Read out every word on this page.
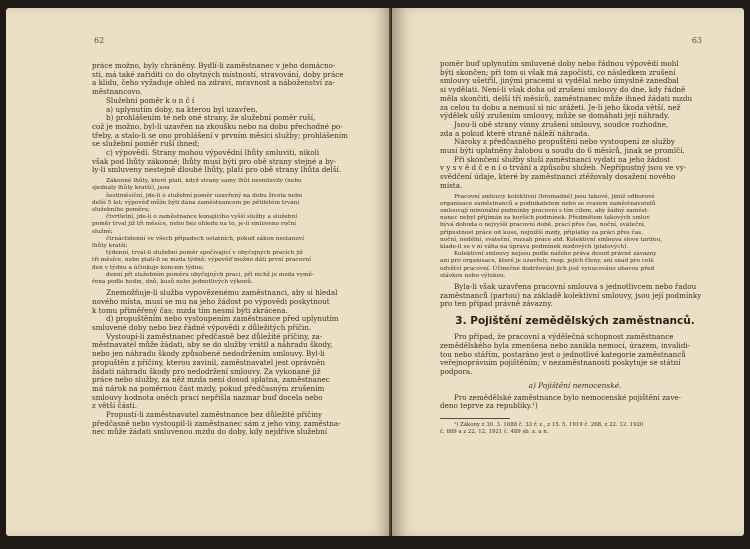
62

práce možno, byly chráněny. Bydlí-li zaměstnanec v jeho domácno-

sti, má také zařiditi co do obytných místností, stravování, doby práce

a klidu, čeho vyžaduje ohled na zdraví, mravnost a náboženství za-

městnancovo.

Služební poměr k o n č í

a) uplynutím doby, na kterou byl uzavřen,

b) prohlášením té neb oné strany, že služební poměr ruší,

což je možno, byl-li uzavřen na zkoušku nebo na dobu přechodné po-

třeby, a stalo-li se ono prohlášení v prvním měsíci služby; prohlášením

se služební poměr ruší ihned;

c) výpovědí. Strany mohou výpovědní lhůty smluviti, nikoli

však pod lhůty zákonné; lhůty musí býti pro obě strany stejné a by-

ly-li smluveny nestejně dlouhé lhůty, platí pro obě strany lhůta delší.

Zákonné lhůty, které platí, když strany samy lhůt nesmluvily (nebo

sjednaly lhůty kratší), jsou

šestiměsíční, jde-li o služební poměr uzavřený na dobu života nebo

delší 5 let; výpověď může býti dána zaměstnancem po pětiletém trvání

služebního poměru;

čtvrtletní, jde-li o zaměstnance konajícího vyšší služby a služební

poměr trval již tři měsíce, nebo bez ohledu na to, je-li smluveno roční

služné;

čtrnáctidenní ve všech případech ostatních, pokud zákon nestanoví

lhůty kratší;

týdenní, trval-li služební poměr spočívající v obyčejných pracích již

tři měsíce, nebo platí-li se mzda týdně; výpověď možno dáti první pracovní

den v týdnu a účinkuje koncem týdne;

denní při služebním poměru obyčejných prací, při nichž je mzda vymě-

řena podle hodin, dnů, kusů nebo jednotlivých výkonů.

Znemožňuje-li služba vypovězenému zaměstnanci, aby si hledal

nového místa, musí se mu na jeho žádost po výpovědi poskytnout

k tomu přiměřený čas; mzda tím nesmí býti zkrácena.

d) propuštěním nebo vystoupením zaměstnance před uplynutím

smluvené doby nebo bez řádné výpovědi z důležitých příčin.

Vystoupí-li zaměstnanec předčasně bez důležité příčiny, za-

městnavatel může žádati, aby se do služby vrátil a náhradu škody,

nebo jen náhradu škody způsobené nedodržením smlouvy. Byl-li

propuštěn z příčiny, kterou zavinil, zaměstnavatel jest oprávněn

žádati náhradu škody pro nedodržení smlouvy. Za vykonané již

práce nebo služby, za něž mzda není dosud splatna, zaměstnanec

má nárok na poměrnou část mzdy, pokud předčasným zrušením

smlouvy hodnota oněch prací nepřišla nazmar buď docela nebo

z větší části.

Propustí-li zaměstnavatel zaměstnance bez důležité příčiny

předčasně nebo vystoupil-li zaměstnanec sám z jeho viny, zaměstna-

nec může žádati smluvenou mzdu do doby, kdy nejdříve služební

63

poměr buď uplynutím smluvené doby nebo řádnou výpovědí mohl

býti skončen; při tom si však má započísti, co následkem zrušení

smlouvy ušetřil, jinými pracemi si vydělal nebo úmyslně zanedbal

si vydělati. Není-li však doba od zrušení smlouvy do dne, kdy řádně

měla skončiti, delší tří měsíců, zaměstnanec může ihned žádati mzdu

za celou tu dobu a nemusí si nic srážeti. Je-li jeho škoda větší, než

výdělek ušlý zrušením smlouvy, může se domáhati její náhrady.

Jsou-li obě strany vinny zrušení smlouvy, soudce rozhodne,

zda a pokud které straně náleží náhrada.

Nároky z předčasného propuštění nebo vystoupení ze služby

musí býti uplatněny žalobou u soudu do 6 měsíců, jinak se promlčí.

Při skončení služby sluší zaměstnanci vydati na jeho žádost

v y s v ě d č e n í o trvání a způsobu služeb. Nepřípustný jsou ve vy-

svědčení údaje, které by zaměstnanci ztěžovaly dosažení nového

místa.

Pracovní smlouvy kolektivní (hromadné) jsou takové, jimiž odborové

organisace zaměstnanců a podnikatelem nebo se svazem zaměstnavatelů

smlouvají minimální podmínky pracovní s tím cílem, aby žádný zaměst-

nanec nebyl přijímán za horších podmínek. Předmětem takových smluv

bývá dohoda o nejvyšší pracovní době, prací přes čas, noční, sváteční,

přípustnost práce od kusu, nejnižší mzdy, příplatky za práci přes čas,

noční, nedělní, sváteční, rozsah práce atd. Kolektivní smlouva slove tarifou,

klade-li se v ní váha na úpravu podmínek mzdových (platových).

Kolektivní smlouvy nejsou podle našeho práva dosud právně závazny

ani pro organisace, které je uzavřely, resp. jejich členy, ani snad pro celé

odvětví pracovní. Účinečné dodržování jich jest vynucováno obavou před

stávkou nebo výlukou.

Byla-li však uzavřena pracovní smlouva s jednotlivcem nebo řadou

zaměstnanců (partou) na základě kolektivní smlouvy, jsou její podmínky

pro ten případ právně závazny.

3. Pojištění zemědělských zaměstnanců.

Pro případ, že pracovní a výdělečná schopnost zaměstnance

zemědělského byla zmenšena nebo zanikla nemocí, úrazem, invalidi-

tou nebo stářím, postaráno jest o jednotlivé kategorie zaměstnanců

veřejnoprávním pojištěním; v nezaměstnanosti poskytuje se státní

podpora.

a) Pojištění nemocenské.

Pro zemědělské zaměstnance bylo nemocenské pojištění zave-

deno teprve za republiky.¹)

¹) Zákony z 30. 3. 1888 č. 33 ř. z., z 15. 5. 1919 č. 268, z 22. 12. 1920

č. 689 a z 22. 12. 1921 č. 489 sb. z. a n.
